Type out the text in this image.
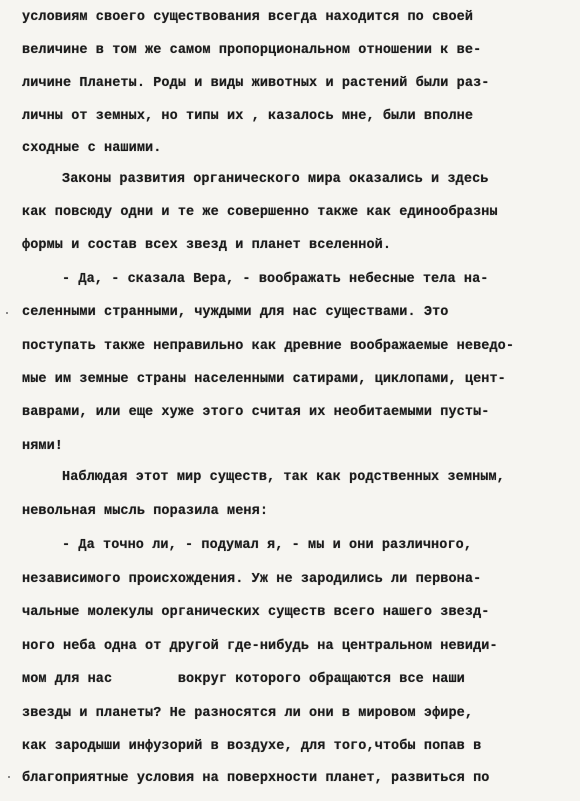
условиям своего существования всегда находится по своей
величине в том же самом пропорциональном отношении к ве-
личине Планеты. Роды и виды животных и растений были раз-
личны от земных, но типы их , казалось мне, были вполне
сходные с нашими.
Законы развития органического мира оказались и здесь
как повсюду одни и те же совершенно также как единообразны
формы и состав всех звезд и планет вселенной.
- Да, - сказала Вера, - воображать небесные тела на-
селенными странными, чуждыми для нас существами. Это
поступать также неправильно как древние воображаемые неведо-
мые им земные страны населенными сатирами, циклопами, цент-
ваврами, или еще хуже этого считая их необитаемыми пусты-
нями!
Наблюдая этот мир существ, так как родственных земным,
невольная мысль поразила меня:
- Да точно ли, - подумал я, - мы и они различного,
независимого происхождения. Уж не зародились ли первона-
чальные молекулы органических существ всего нашего звезд-
ного неба одна от другой где-нибудь на центральном невиди-
мом для нас        вокруг которого обращаются все наши
звезды и планеты? Не разносятся ли они в мировом эфире,
как зародыши инфузорий в воздухе, для того,чтобы попав в
благоприятные условия на поверхности планет, развиться по
